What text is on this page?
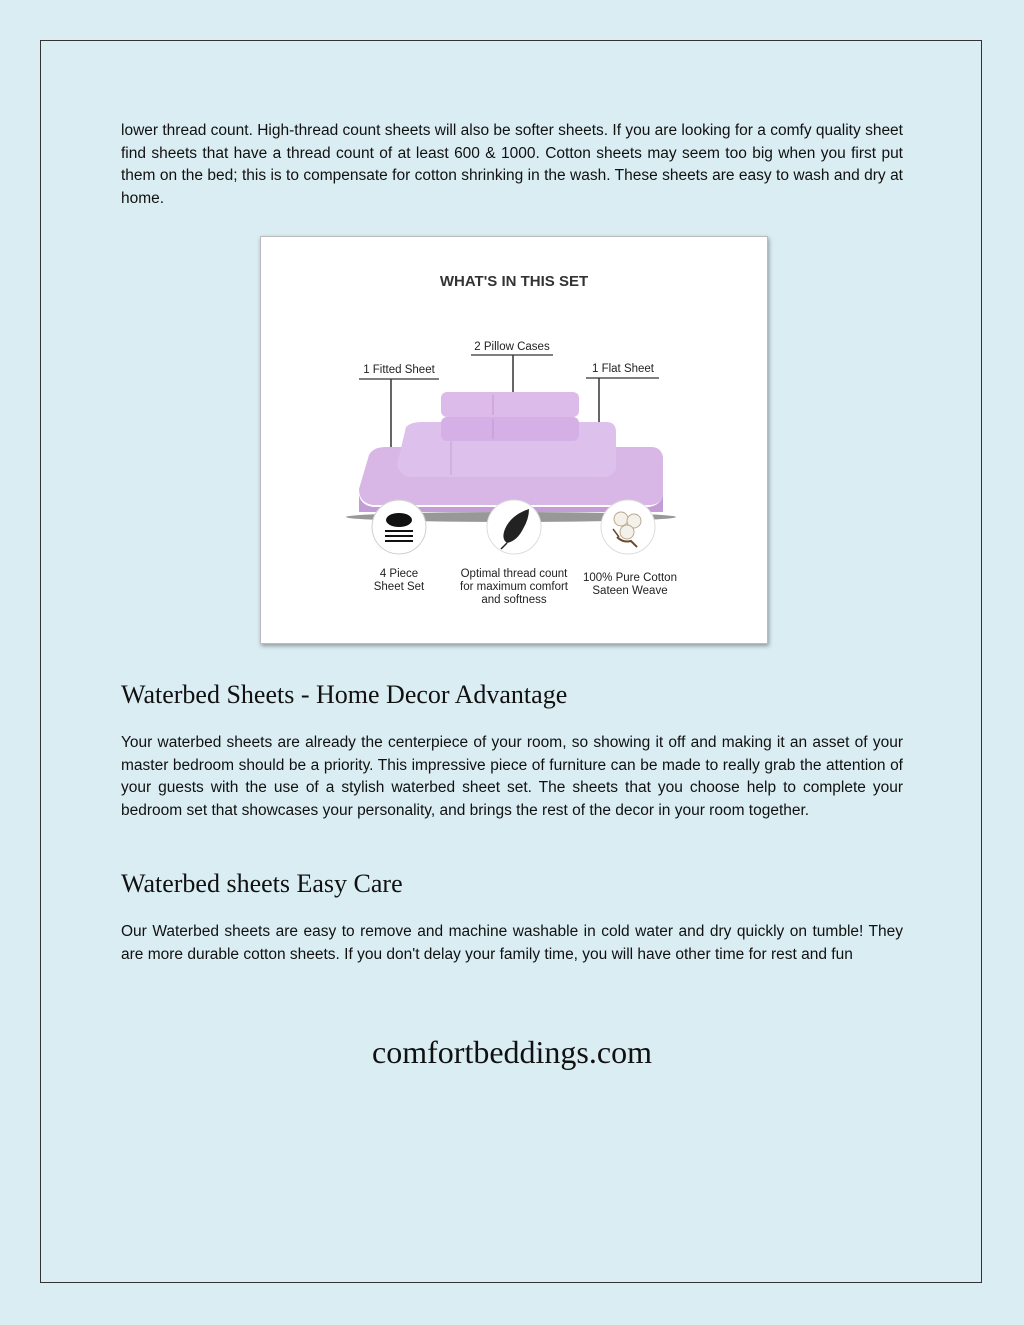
lower thread count. High-thread count sheets will also be softer sheets. If you are looking for a comfy quality sheet find sheets that have a thread count of at least 600 & 1000. Cotton sheets may seem too big when you first put them on the bed; this is to compensate for cotton shrinking in the wash. These sheets are easy to wash and dry at home.

WHAT'S IN THIS SET
1 Fitted Sheet
2 Pillow Cases
1 Flat Sheet
4 Piece
Sheet Set
Optimal thread count
for maximum comfort
and softness
100% Pure Cotton
Sateen Weave
Waterbed Sheets - Home Decor Advantage

Your waterbed sheets are already the centerpiece of your room, so showing it off and making it an asset of your master bedroom should be a priority. This impressive piece of furniture can be made to really grab the attention of your guests with the use of a stylish waterbed sheet set. The sheets that you choose help to complete your bedroom set that showcases your personality, and brings the rest of the decor in your room together.

Waterbed sheets Easy Care

Our Waterbed sheets are easy to remove and machine washable in cold water and dry quickly on tumble! They are more durable cotton sheets. If you don't delay your family time, you will have other time for rest and fun

comfortbeddings.com
